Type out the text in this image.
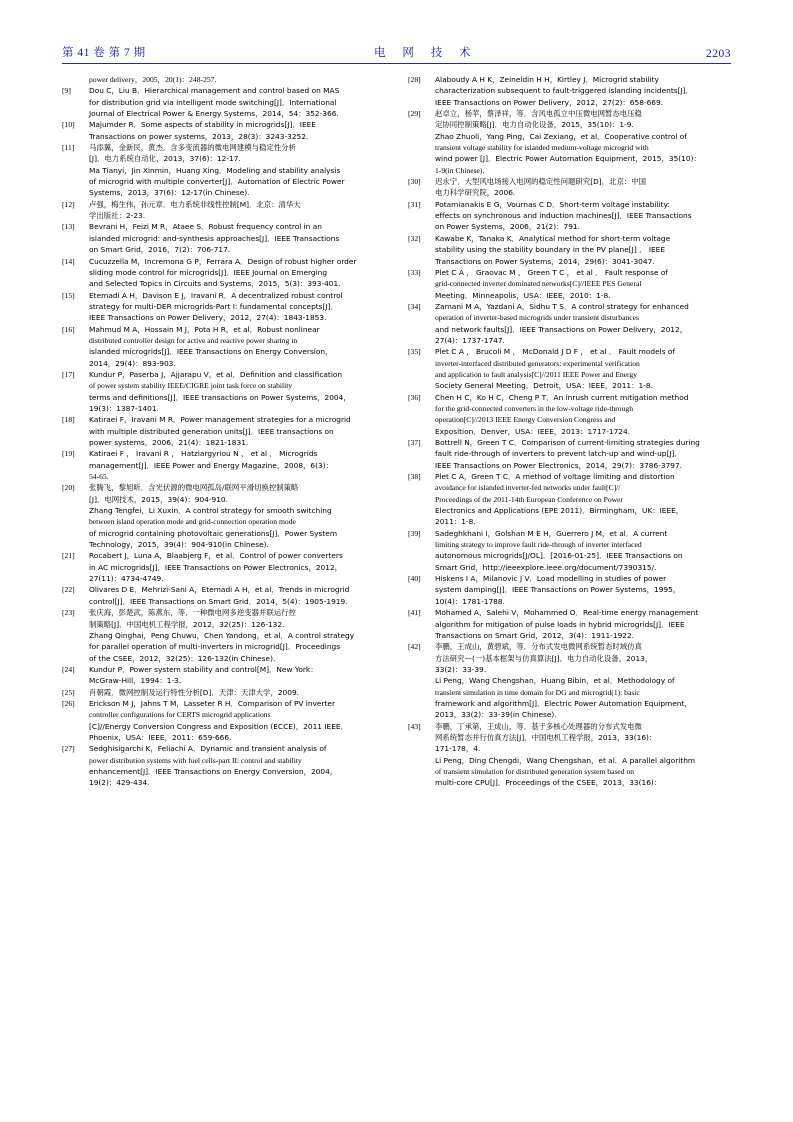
第 41 卷 第 7 期	电 网 技 术	2203
power delivery，2005，20(1)：248-257.
[9]	Dou C，Liu B．Hierarchical management and control based on MAS
for distribution grid via intelligent mode switching[J]．International
Journal of Electrical Power & Energy Systems，2014，54：352-366.
[10]	Majumder R．Some aspects of stability in microgrids[J]．IEEE
Transactions on power systems，2013，28(3)：3243-3252.
[11]	马添翼，金新民，黄杰．含多变流器的微电网建模与稳定性分析
[J]．电力系统自动化，2013，37(6)：12-17.
Ma Tianyi，Jin Xinmin，Huang Xing．Modeling and stability analysis
of microgrid with multiple converter[J]．Automation of Electric Power
Systems，2013，37(6)：12-17(in Chinese).
[12]	卢强，梅生伟，孙元章．电力系统非线性控制[M]．北京：清华大
学出版社：2-23.
[13]	Bevrani H，Feizi M R，Ataee S．Robust frequency control in an
islanded microgrid: and-synthesis approaches[J]．IEEE Transactions
on Smart Grid，2016，7(2)：706-717.
[14]	Cucuzzella M，Incremona G P，Ferrara A．Design of robust higher order
sliding mode control for microgrids[J]．IEEE Journal on Emerging
and Selected Topics in Circuits and Systems，2015，5(3)：393-401.
[15]	Etemadi A H，Davison E J，Iravani R．A decentralized robust control
strategy for multi-DER microgrids-Part I: fundamental concepts[J]．
IEEE Transactions on Power Delivery，2012，27(4)：1843-1853.
[16]	Mahmud M A，Hossain M J，Pota H R，et al．Robust nonlinear
distributed controller design for active and reactive power sharing in
islanded microgrids[J]．IEEE Transactions on Energy Conversion，
2014，29(4)：893-903.
[17]	Kundur P，Paserba J，Ajjarapu V，et al．Definition and classification
of power system stability IEEE/CIGRE joint task force on stability
terms and definitions[J]．IEEE transactions on Power Systems，2004，
19(3)：1387-1401.
[18]	Katiraei F，Iravani M R．Power management strategies for a microgrid
with multiple distributed generation units[J]．IEEE transactions on
power systems，2006，21(4)：1821-1831.
[19]	Katiraei F ， Iravani R ， Hatziargyriou N ， et al ． Microgrids
management[J]．IEEE Power and Energy Magazine，2008，6(3)：
54-65.
[20]	张腾飞，黎旭昕．含光伏源的微电网孤岛/联网平滑切换控制策略
[J]．电网技术，2015，39(4)：904-910.
Zhang Tengfei，Li Xuxin．A control strategy for smooth switching
between island operation mode and grid-connection operation mode
of microgrid containing photovoltaic generations[J]．Power System
Technology，2015，39(4)：904-910(in Chinese).
[21]	Rocabert J，Luna A，Blaabjerg F，et al．Control of power converters
in AC microgrids[J]．IEEE Transactions on Power Electronics，2012，
27(11)：4734-4749.
[22]	Olivares D E．Mehrizi-Sani A，Etemadi A H，et al．Trends in microgrid
control[J]．IEEE Transactions on Smart Grid．2014，5(4)：1905-1919.
[23]	张庆海，彭楚武，陈燕东，等．一种微电网多逆变器并联运行控
制策略[J]．中国电机工程学报，2012，32(25)：126-132.
Zhang Qinghai，Peng Chuwu，Chen Yandong，et al．A control strategy
for parallel operation of multi-inverters in microgrid[J]．Proceedings
of the CSEE，2012，32(25)：126-132(in Chinese).
[24]	Kundur P．Power system stability and control[M]．New York：
McGraw-Hill，1994：1-3.
[25]	肖朝霞．微网控制及运行特性分析[D]．天津：天津大学，2009.
[26]	Erickson M J，Jahns T M，Lasseter R H．Comparison of PV inverter
controller configurations for CERTS microgrid applications
[C]//Energy Conversion Congress and Exposition (ECCE)，2011 IEEE．
Phoenix，USA：IEEE，2011：659-666.
[27]	Sedghisigarchi K，Feliachi A．Dynamic and transient analysis of
power distribution systems with fuel cells-part II: control and stability
enhancement[J]．IEEE Transactions on Energy Conversion，2004，
19(2)：429-434.
[28]	Alaboudy A H K，Zeineldin H H，Kirtley J．Microgrid stability
characterization subsequent to fault-triggered islanding incidents[J]．
IEEE Transactions on Power Delivery，2012，27(2)：658-669.
[29]	赵卓立，杨苹，蔡泽祥，等．含风电孤立中压微电网暂态电压稳
定协同控制策略[J]．电力自动化设备，2015，35(10)：1-9.
Zhao Zhuoli，Yang Ping，Cai Zexiang，et al．Cooperative control of
transient voltage stability for islanded medium-voltage microgrid with
wind power [J]．Electric Power Automation Equipment，2015，35(10)：
1-9(in Chinese).
[30]	迟永宁．大型风电场接入电网的稳定性问题研究[D]．北京：中国
电力科学研究院，2006.
[31]	Potamianakis E G，Vournas C D．Short-term voltage instability:
effects on synchronous and induction machines[J]．IEEE Transactions
on Power Systems，2006，21(2)：791.
[32]	Kawabe K，Tanaka K．Analytical method for short-term voltage
stability using the stability boundary in the PV plane[J] ． IEEE
Transactions on Power Systems，2014，29(6)：3041-3047.
[33]	Plet C A ， Graovac M ， Green T C ， et al ． Fault response of
grid-connected inverter dominated networks[C]//IEEE PES General
Meeting．Minneapolis，USA：IEEE，2010：1-8.
[34]	Zamani M A，Yazdani A，Sidhu T S．A control strategy for enhanced
operation of inverter-based microgrids under transient disturbances
and network faults[J]．IEEE Transactions on Power Delivery，2012，
27(4)：1737-1747.
[35]	Plet C A ， Brucoli M ， McDonald J D F ， et al ． Fault models of
inverter-interfaced distributed generators: experimental verification
and application to fault analysis[C]//2011 IEEE Power and Energy
Society General Meeting．Detroit，USA：IEEE，2011：1-8.
[36]	Chen H C，Ko H C，Cheng P T．An inrush current mitigation method
for the grid-connected converters in the low-voltage ride-through
operation[C]//2013 IEEE Energy Conversion Congress and
Exposition．Denver，USA：IEEE，2013：1717-1724.
[37]	Bottrell N，Green T C．Comparison of current-limiting strategies during
fault ride-through of inverters to prevent latch-up and wind-up[J]．
IEEE Transactions on Power Electronics，2014，29(7)：3786-3797.
[38]	Plet C A，Green T C．A method of voltage limiting and distortion
avoidance for islanded inverter-fed networks under fault[C]//
Proceedings of the 2011-14th European Conference on Power
Electronics and Applications (EPE 2011)．Birmingham，UK：IEEE，
2011：1-8.
[39]	Sadeghkhani I，Golshan M E H，Guerrero J M，et al．A current
limiting strategy to improve fault ride-through of inverter interfaced
autonomous microgrids[J/OL]．[2016-01-25]．IEEE Transactions on
Smart Grid，http://ieeexplore.ieee.org/document/7390315/.
[40]	Hiskens I A，Milanovic J V．Load modelling in studies of power
system damping[J]．IEEE Transactions on Power Systems，1995，
10(4)：1781-1788.
[41]	Mohamed A，Salehi V，Mohammed O．Real-time energy management
algorithm for mitigation of pulse loads in hybrid microgrids[J]．IEEE
Transactions on Smart Grid，2012，3(4)：1911-1922.
[42]	李鹏，王成山，黄碧斌，等．分布式发电微网系统暂态时域仿真
方法研究—(一)基本框架与仿真算法[J]．电力自动化设备，2013，
33(2)：33-39.
Li Peng，Wang Chengshan，Huang Bibin，et al．Methodology of
transient simulation in time domain for DG and microgrid(1): basic
framework and algorithm[J]．Electric Power Automation Equipment，
2013，33(2)：33-39(in Chinese).
[43]	李鹏，丁承第，王成山，等．基于多核心处理器的分布式发电微
网系统暂态并行仿真方法[J]．中国电机工程学报，2013，33(16)：
171-178，4.
Li Peng，Ding Chengdi，Wang Chengshan，et al．A parallel algorithm
of transient simulation for distributed generation system based on
multi-core CPU[J]．Proceedings of the CSEE，2013，33(16)：
